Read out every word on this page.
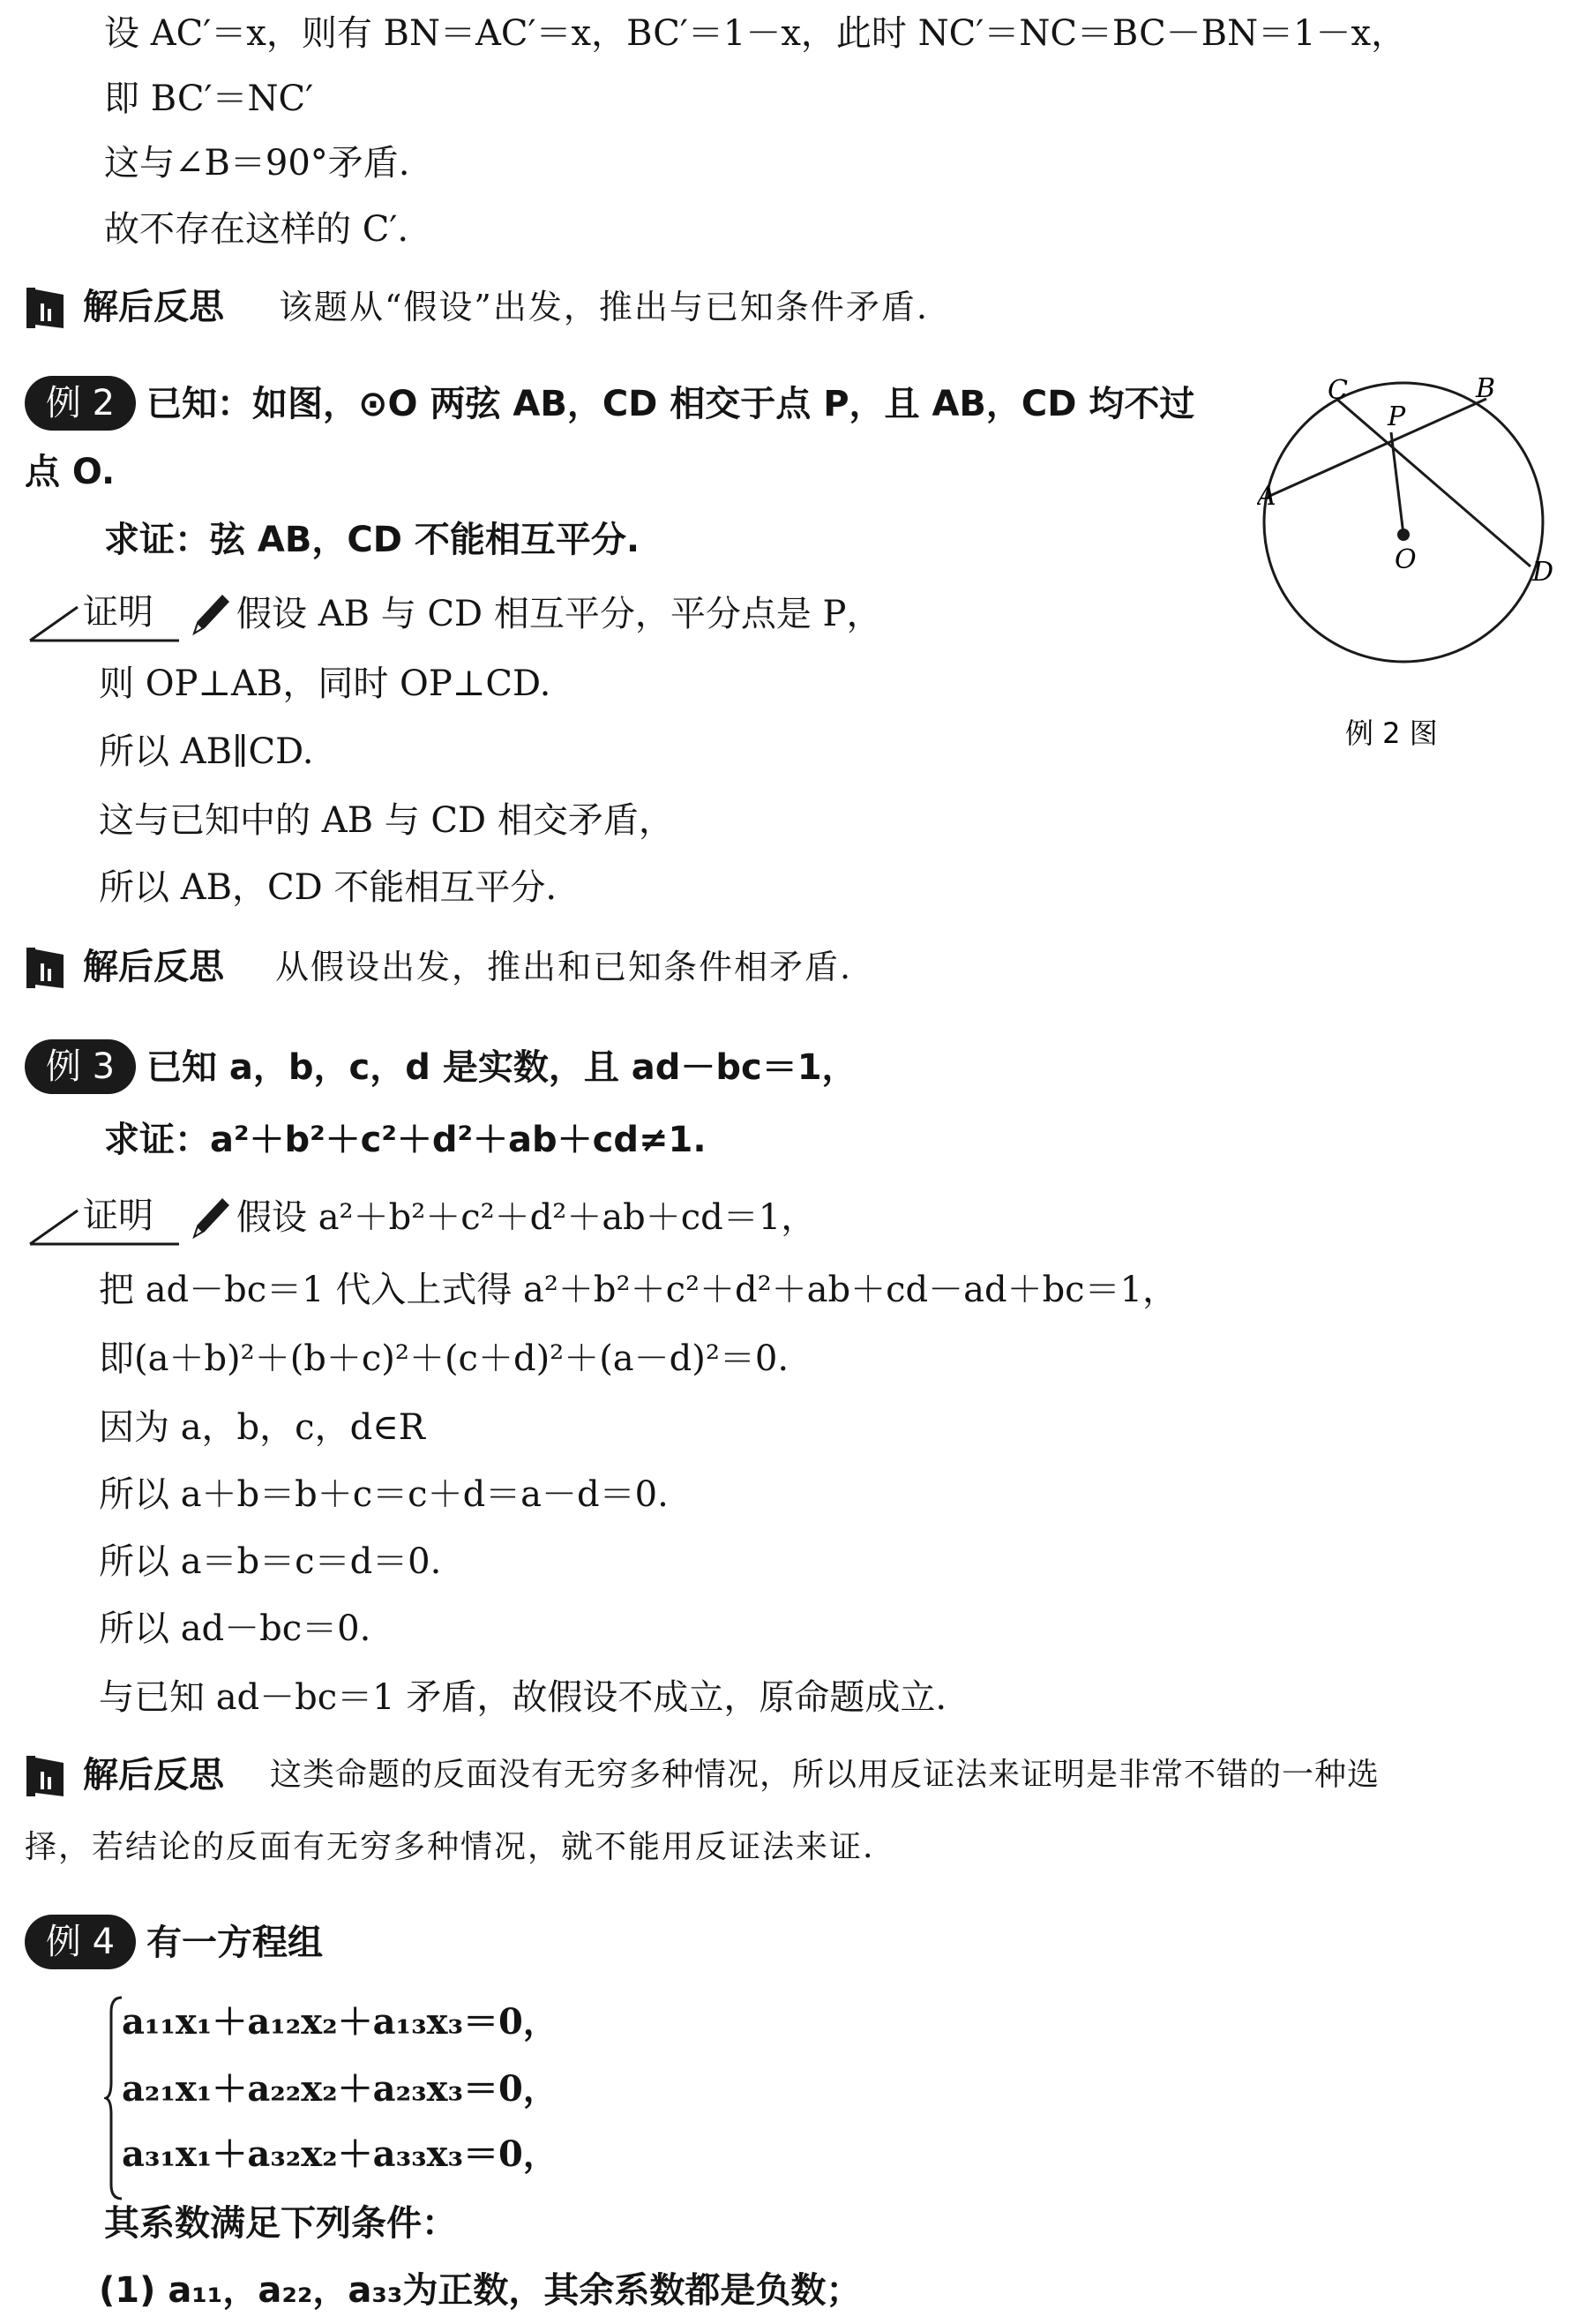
设 AC′＝x，则有 BN＝AC′＝x，BC′＝1－x，此时 NC′＝NC＝BC－BN＝1－x，
即 BC′＝NC′
这与∠B＝90°矛盾.
故不存在这样的 C′.
解后反思 该题从“假设”出发，推出与已知条件矛盾.
例 2 已知：如图，⊙O 两弦 AB，CD 相交于点 P，且 AB，CD 均不过
点 O.
求证：弦 AB，CD 不能相互平分.
证明 假设 AB 与 CD 相互平分，平分点是 P，
则 OP⊥AB，同时 OP⊥CD.
所以 AB∥CD.
这与已知中的 AB 与 CD 相交矛盾，
所以 AB，CD 不能相互平分.
C	B
P
A
O	D
例 2 图
解后反思 从假设出发，推出和已知条件相矛盾.
例 3 已知 a，b，c，d 是实数，且 ad－bc＝1，
求证：a²＋b²＋c²＋d²＋ab＋cd≠1.
证明 假设 a²＋b²＋c²＋d²＋ab＋cd＝1，
把 ad－bc＝1 代入上式得 a²＋b²＋c²＋d²＋ab＋cd－ad＋bc＝1，
即(a＋b)²＋(b＋c)²＋(c＋d)²＋(a－d)²＝0.
因为 a，b，c，d∈R
所以 a＋b＝b＋c＝c＋d＝a－d＝0.
所以 a＝b＝c＝d＝0.
所以 ad－bc＝0.
与已知 ad－bc＝1 矛盾，故假设不成立，原命题成立.
解后反思 这类命题的反面没有无穷多种情况，所以用反证法来证明是非常不错的一种选
择，若结论的反面有无穷多种情况，就不能用反证法来证.
例 4 有一方程组
a₁₁x₁＋a₁₂x₂＋a₁₃x₃＝0，
a₂₁x₁＋a₂₂x₂＋a₂₃x₃＝0，
a₃₁x₁＋a₃₂x₂＋a₃₃x₃＝0，
其系数满足下列条件：
(1) a₁₁，a₂₂，a₃₃为正数，其余系数都是负数；
